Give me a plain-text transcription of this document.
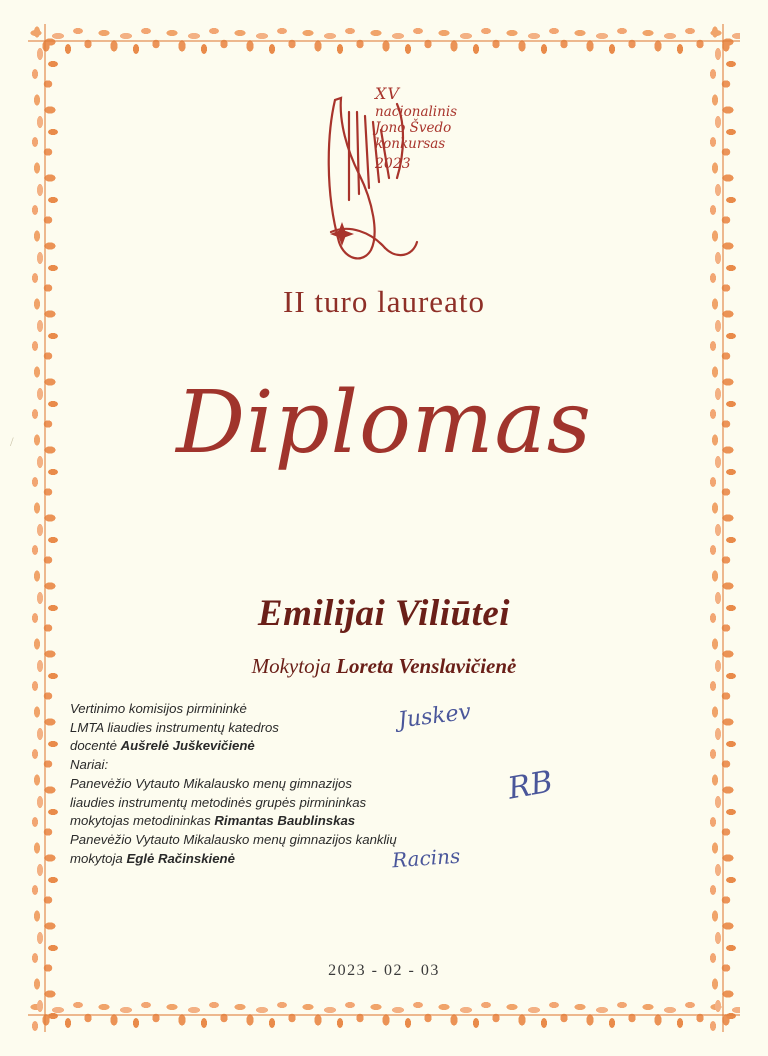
/
XV
nacionalinis
Jono Švedo
konkursas
2023
II turo laureato
Diplomas
Emilijai Viliūtei
Mokytoja Loreta Venslavičienė
2023 - 02 - 03
Vertinimo komisijos pirmininkė
LMTA liaudies instrumentų katedros
docentė Aušrelė Juškevičienė
Nariai:
Panevėžio Vytauto Mikalausko menų gimnazijos
liaudies instrumentų metodinės grupės pirmininkas
mokytojas metodininkas Rimantas Baublinskas
Panevėžio Vytauto Mikalausko menų gimnazijos kanklių
mokytoja Eglė Račinskienė
Juskev
RB
Racins
